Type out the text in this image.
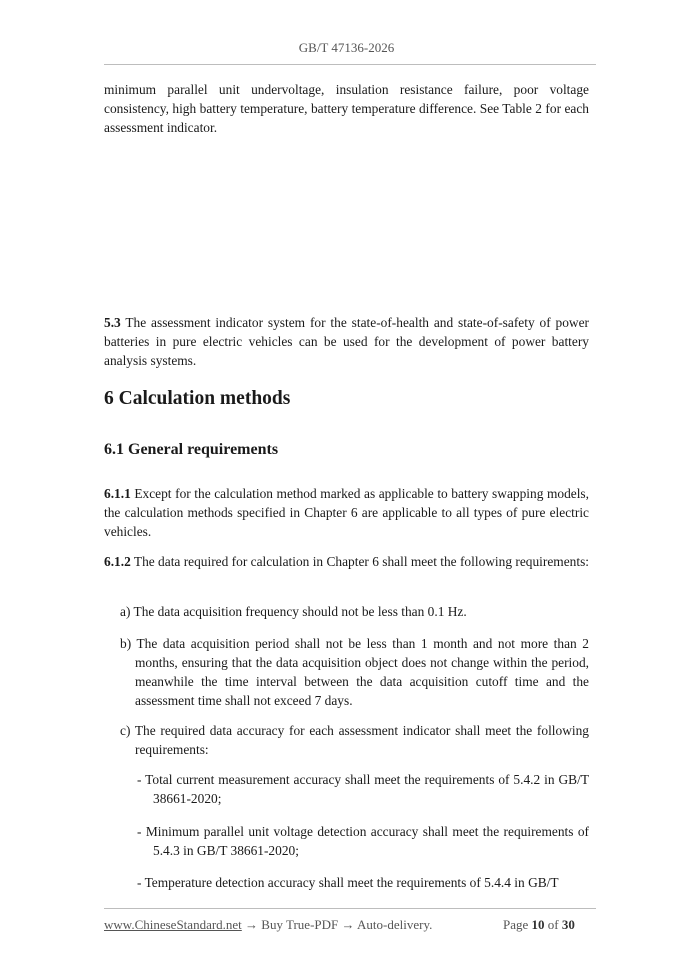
GB/T 47136-2026

minimum parallel unit undervoltage, insulation resistance failure, poor voltage consistency, high battery temperature, battery temperature difference. See Table 2 for each assessment indicator.

5.3 The assessment indicator system for the state-of-health and state-of-safety of power batteries in pure electric vehicles can be used for the development of power battery analysis systems.

6 Calculation methods
6.1 General requirements

6.1.1 Except for the calculation method marked as applicable to battery swapping models, the calculation methods specified in Chapter 6 are applicable to all types of pure electric vehicles.

6.1.2 The data required for calculation in Chapter 6 shall meet the following requirements:

a) The data acquisition frequency should not be less than 0.1 Hz.

b) The data acquisition period shall not be less than 1 month and not more than 2 months, ensuring that the data acquisition object does not change within the period, meanwhile the time interval between the data acquisition cutoff time and the assessment time shall not exceed 7 days.

c) The required data accuracy for each assessment indicator shall meet the following requirements:

- Total current measurement accuracy shall meet the requirements of 5.4.2 in GB/T 38661-2020;

- Minimum parallel unit voltage detection accuracy shall meet the requirements of 5.4.3 in GB/T 38661-2020;

- Temperature detection accuracy shall meet the requirements of 5.4.4 in GB/T

www.ChineseStandard.net → Buy True-PDF → Auto-delivery.	Page 10 of 30
